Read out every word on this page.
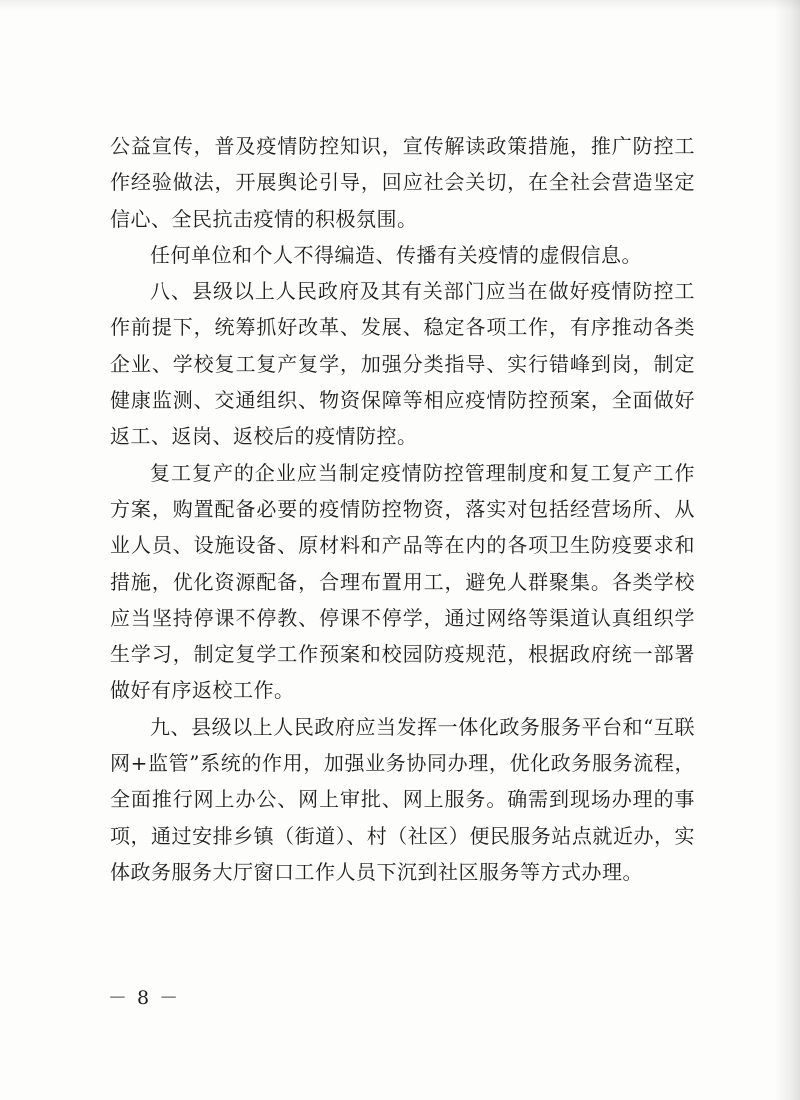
公益宣传，普及疫情防控知识，宣传解读政策措施，推广防控工作经验做法，开展舆论引导，回应社会关切，在全社会营造坚定信心、全民抗击疫情的积极氛围。

任何单位和个人不得编造、传播有关疫情的虚假信息。

八、县级以上人民政府及其有关部门应当在做好疫情防控工作前提下，统筹抓好改革、发展、稳定各项工作，有序推动各类企业、学校复工复产复学，加强分类指导、实行错峰到岗，制定健康监测、交通组织、物资保障等相应疫情防控预案，全面做好返工、返岗、返校后的疫情防控。

复工复产的企业应当制定疫情防控管理制度和复工复产工作方案，购置配备必要的疫情防控物资，落实对包括经营场所、从业人员、设施设备、原材料和产品等在内的各项卫生防疫要求和措施，优化资源配备，合理布置用工，避免人群聚集。各类学校应当坚持停课不停教、停课不停学，通过网络等渠道认真组织学生学习，制定复学工作预案和校园防疫规范，根据政府统一部署做好有序返校工作。

九、县级以上人民政府应当发挥一体化政务服务平台和“互联网+监管”系统的作用，加强业务协同办理，优化政务服务流程，全面推行网上办公、网上审批、网上服务。确需到现场办理的事项，通过安排乡镇（街道）、村（社区）便民服务站点就近办，实体政务服务大厅窗口工作人员下沉到社区服务等方式办理。

－ 8 －
